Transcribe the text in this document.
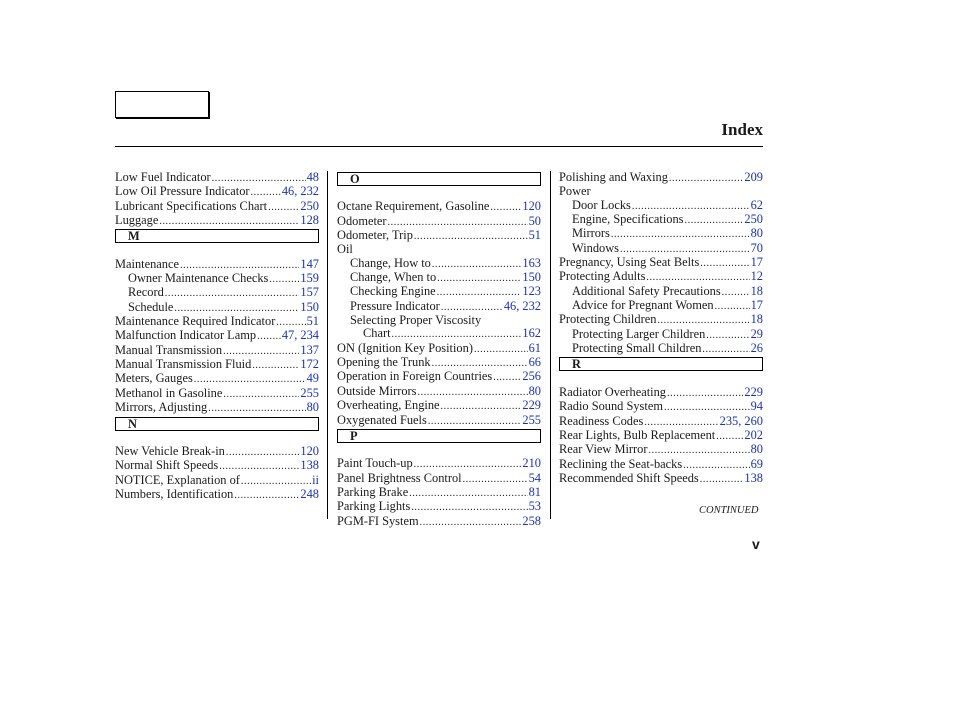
Index
Low Fuel Indicator .....	48
Low Oil Pressure Indicator .....	46, 232
Lubricant Specifications Chart .....	250
Luggage .....	128
M
Maintenance .....	147
Owner Maintenance Checks .....	159
Record .....	157
Schedule .....	150
Maintenance Required Indicator .....	51
Malfunction Indicator Lamp ..... 47, 234
Manual Transmission .....	137
Manual Transmission Fluid .....	172
Meters, Gauges .....	49
Methanol in Gasoline .....	255
Mirrors, Adjusting .....	80
N
New Vehicle Break-in .....	120
Normal Shift Speeds .....	138
NOTICE, Explanation of .....	ii
Numbers, Identification .....	248
O
Octane Requirement, Gasoline .....	120
Odometer .....	50
Odometer, Trip .....	51
Oil
Change, How to .....	163
Change, When to .....	150
Checking Engine .....	123
Pressure Indicator .....	46, 232
Selecting Proper Viscosity
Chart .....	162
ON (Ignition Key Position) .....	61
Opening the Trunk .....	66
Operation in Foreign Countries ..... 256
Outside Mirrors .....	80
Overheating, Engine .....	229
Oxygenated Fuels .....	255
P
Paint Touch-up .....	210
Panel Brightness Control .....	54
Parking Brake .....	81
Parking Lights .....	53
PGM-FI System .....	258
Polishing and Waxing .....	209
Power
Door Locks .....	62
Engine, Specifications .....	250
Mirrors .....	80
Windows .....	70
Pregnancy, Using Seat Belts .....	17
Protecting Adults .....	12
Additional Safety Precautions ..... 18
Advice for Pregnant Women .....	17
Protecting Children .....	18
Protecting Larger Children .....	29
Protecting Small Children .....	26
R
Radiator Overheating .....	229
Radio Sound System .....	94
Readiness Codes .....	235, 260
Rear Lights, Bulb Replacement ..... 202
Rear View Mirror .....	80
Reclining the Seat-backs .....	69
Recommended Shift Speeds .....	138
CONTINUED
v
